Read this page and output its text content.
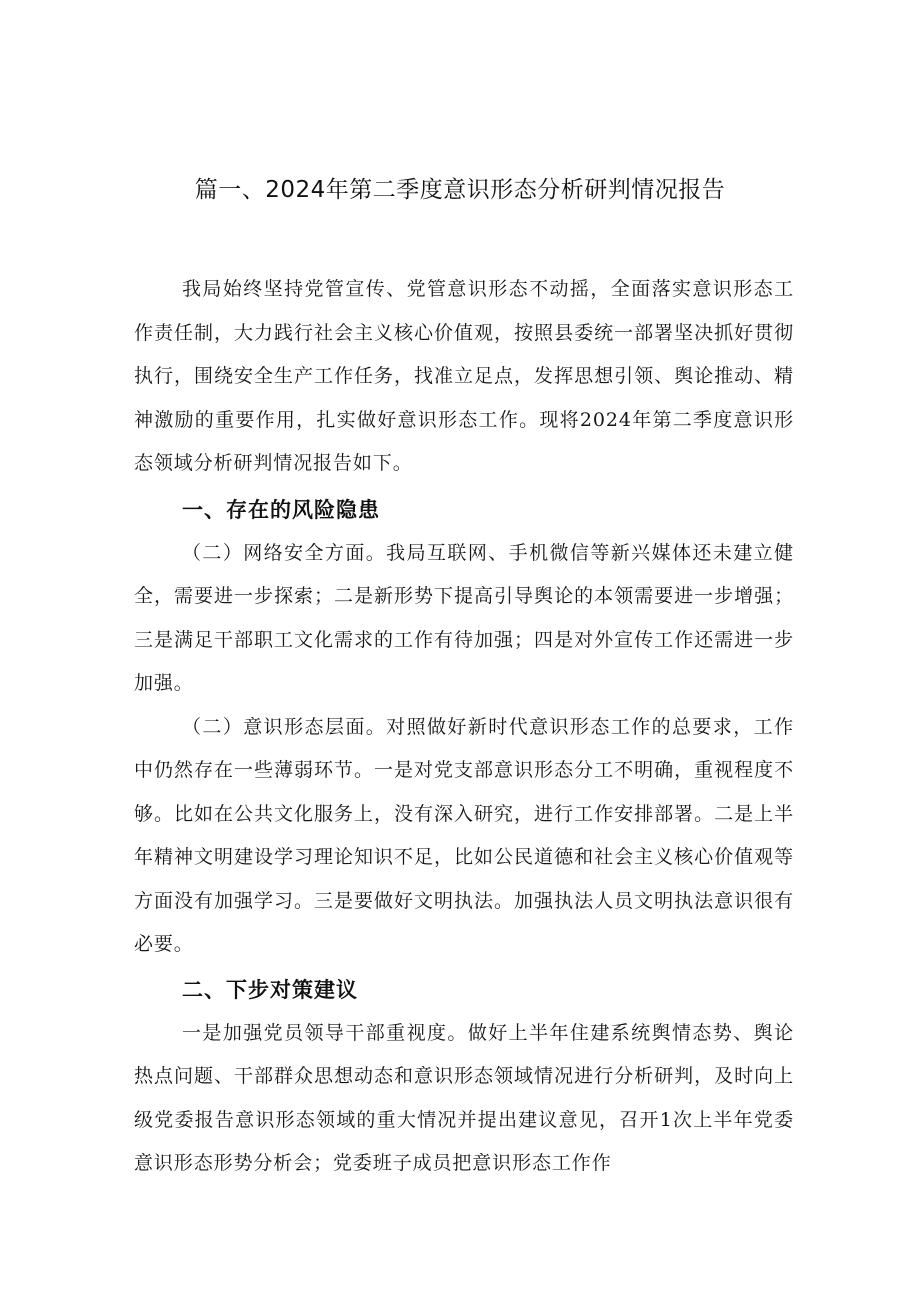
篇一、2024年第二季度意识形态分析研判情况报告

我局始终坚持党管宣传、党管意识形态不动摇，全面落实意识形态工作责任制，大力践行社会主义核心价值观，按照县委统一部署坚决抓好贯彻执行，围绕安全生产工作任务，找准立足点，发挥思想引领、舆论推动、精神激励的重要作用，扎实做好意识形态工作。现将2024年第二季度意识形态领域分析研判情况报告如下。

一、存在的风险隐患

（二）网络安全方面。我局互联网、手机微信等新兴媒体还未建立健全，需要进一步探索；二是新形势下提高引导舆论的本领需要进一步增强；三是满足干部职工文化需求的工作有待加强；四是对外宣传工作还需进一步加强。

（二）意识形态层面。对照做好新时代意识形态工作的总要求，工作中仍然存在一些薄弱环节。一是对党支部意识形态分工不明确，重视程度不够。比如在公共文化服务上，没有深入研究，进行工作安排部署。二是上半年精神文明建设学习理论知识不足，比如公民道德和社会主义核心价值观等方面没有加强学习。三是要做好文明执法。加强执法人员文明执法意识很有必要。

二、下步对策建议

一是加强党员领导干部重视度。做好上半年住建系统舆情态势、舆论热点问题、干部群众思想动态和意识形态领域情况进行分析研判，及时向上级党委报告意识形态领域的重大情况并提出建议意见，召开1次上半年党委意识形态形势分析会；党委班子成员把意识形态工作作
